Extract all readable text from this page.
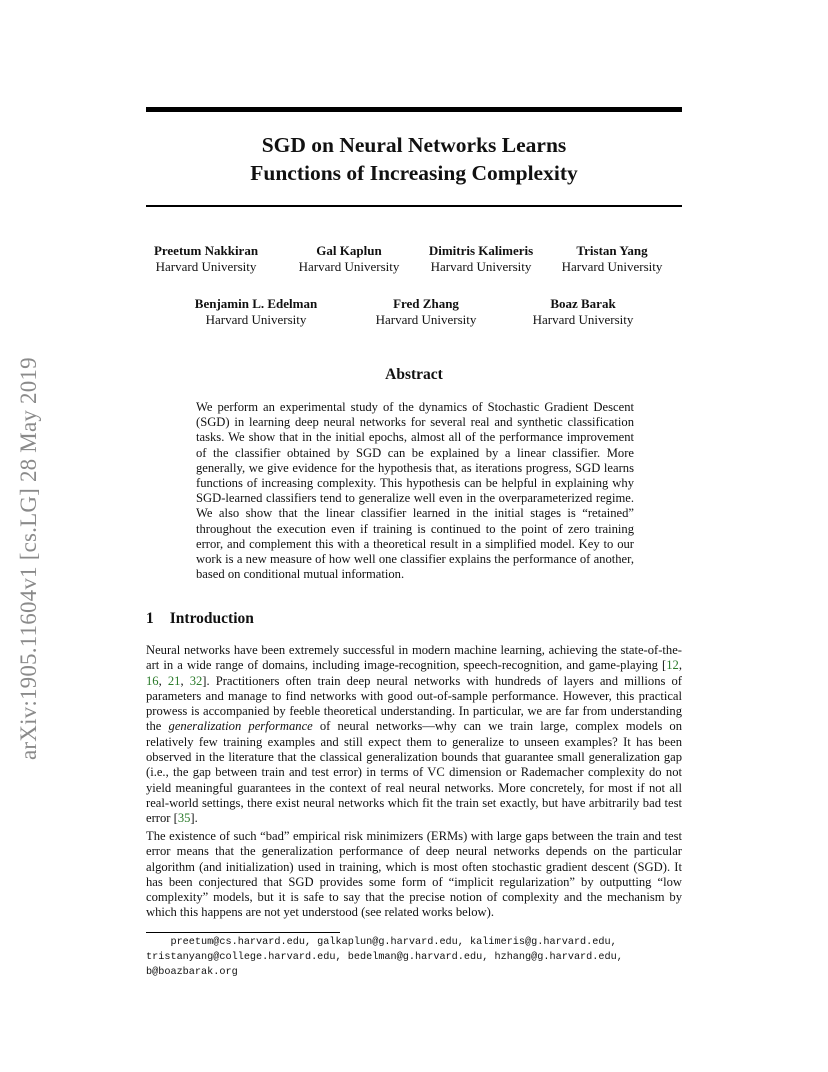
arXiv:1905.11604v1 [cs.LG] 28 May 2019
SGD on Neural Networks Learns
Functions of Increasing Complexity
Preetum Nakkiran
Harvard University
Gal Kaplun
Harvard University
Dimitris Kalimeris
Harvard University
Tristan Yang
Harvard University
Benjamin L. Edelman
Harvard University
Fred Zhang
Harvard University
Boaz Barak
Harvard University
Abstract
We perform an experimental study of the dynamics of Stochastic Gradient Descent (SGD) in learning deep neural networks for several real and synthetic classification tasks. We show that in the initial epochs, almost all of the performance improvement of the classifier obtained by SGD can be explained by a linear classifier. More generally, we give evidence for the hypothesis that, as iterations progress, SGD learns functions of increasing complexity. This hypothesis can be helpful in explaining why SGD-learned classifiers tend to generalize well even in the overparameterized regime. We also show that the linear classifier learned in the initial stages is “retained” throughout the execution even if training is continued to the point of zero training error, and complement this with a theoretical result in a simplified model. Key to our work is a new measure of how well one classifier explains the performance of another, based on conditional mutual information.
1 Introduction
Neural networks have been extremely successful in modern machine learning, achieving the state-of-the-art in a wide range of domains, including image-recognition, speech-recognition, and game-playing [12, 16, 21, 32]. Practitioners often train deep neural networks with hundreds of layers and millions of parameters and manage to find networks with good out-of-sample performance. However, this practical prowess is accompanied by feeble theoretical understanding. In particular, we are far from understanding the generalization performance of neural networks—why can we train large, complex models on relatively few training examples and still expect them to generalize to unseen examples? It has been observed in the literature that the classical generalization bounds that guarantee small generalization gap (i.e., the gap between train and test error) in terms of VC dimension or Rademacher complexity do not yield meaningful guarantees in the context of real neural networks. More concretely, for most if not all real-world settings, there exist neural networks which fit the train set exactly, but have arbitrarily bad test error [35].
The existence of such “bad” empirical risk minimizers (ERMs) with large gaps between the train and test error means that the generalization performance of deep neural networks depends on the particular algorithm (and initialization) used in training, which is most often stochastic gradient descent (SGD). It has been conjectured that SGD provides some form of “implicit regularization” by outputting “low complexity” models, but it is safe to say that the precise notion of complexity and the mechanism by which this happens are not yet understood (see related works below).
preetum@cs.harvard.edu, galkaplun@g.harvard.edu, kalimeris@g.harvard.edu,
tristanyang@college.harvard.edu, bedelman@g.harvard.edu, hzhang@g.harvard.edu,
b@boazbarak.org
